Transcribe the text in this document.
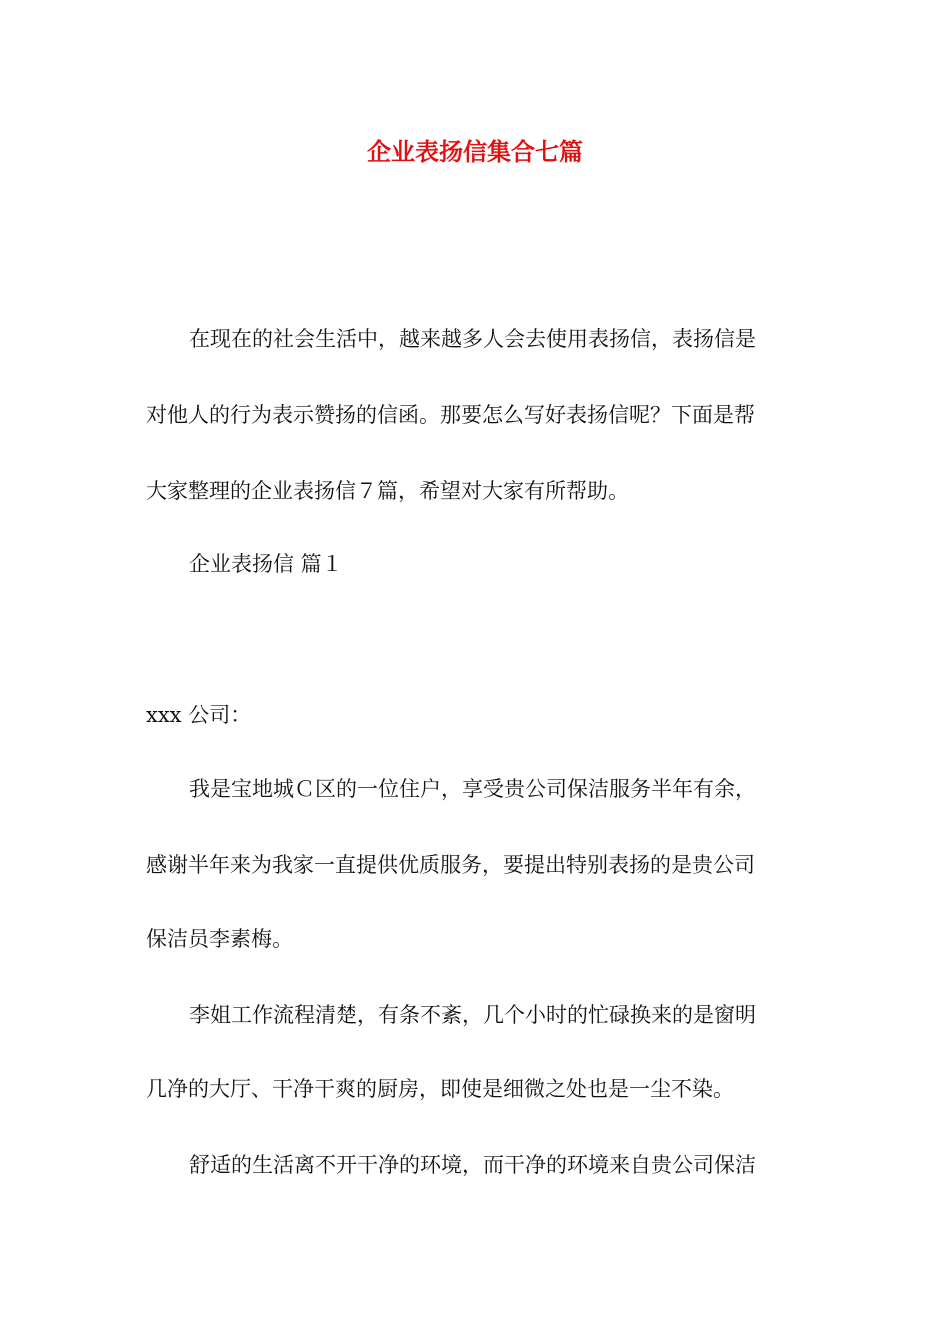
企业表扬信集合七篇
在现在的社会生活中，越来越多人会去使用表扬信，表扬信是
对他人的行为表示赞扬的信函。那要怎么写好表扬信呢？下面是帮
大家整理的企业表扬信７篇，希望对大家有所帮助。
企业表扬信 篇１
xxx 公司：
我是宝地城Ｃ区的一位住户，享受贵公司保洁服务半年有余，
感谢半年来为我家一直提供优质服务，要提出特别表扬的是贵公司
保洁员李素梅。
李姐工作流程清楚，有条不紊，几个小时的忙碌换来的是窗明
几净的大厅、干净干爽的厨房，即使是细微之处也是一尘不染。
舒适的生活离不开干净的环境，而干净的环境来自贵公司保洁
